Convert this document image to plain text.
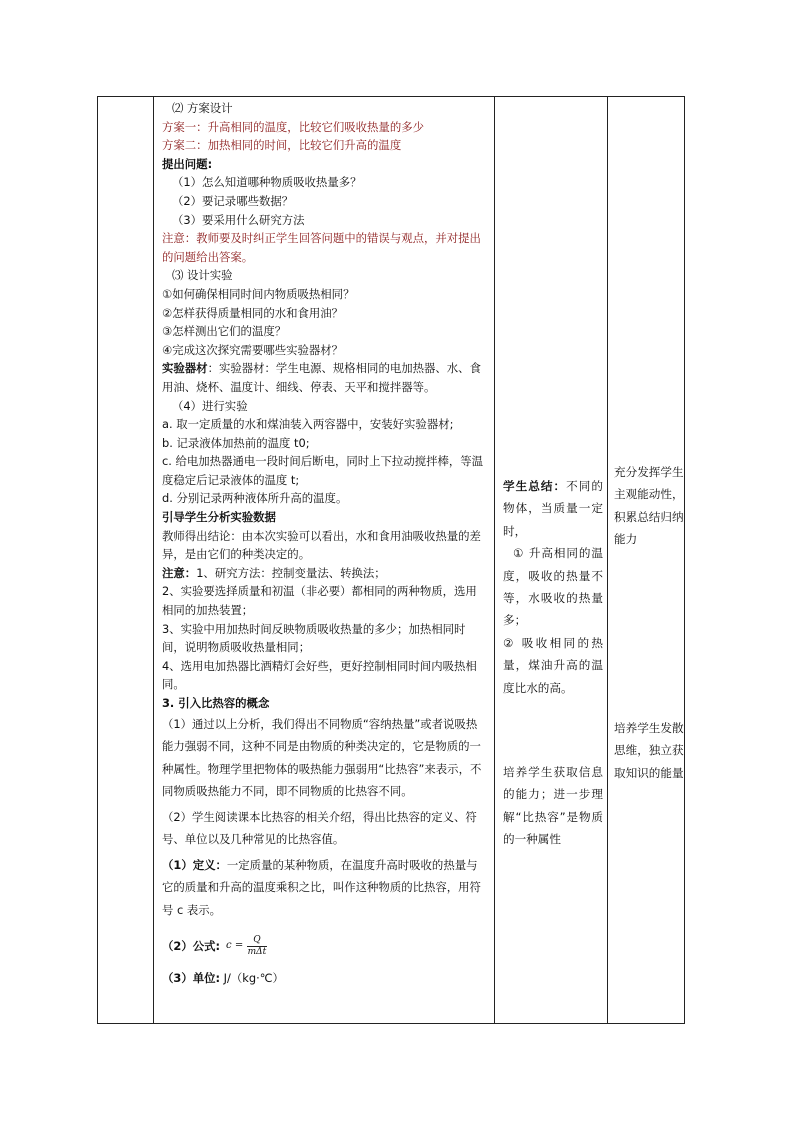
⑵ 方案设计
方案一：升高相同的温度，比较它们吸收热量的多少
方案二：加热相同的时间，比较它们升高的温度
提出问题:
（1）怎么知道哪种物质吸收热量多？
（2）要记录哪些数据？
（3）要采用什么研究方法
注意：教师要及时纠正学生回答问题中的错误与观点，并对提出的问题给出答案。
⑶ 设计实验
①如何确保相同时间内物质吸热相同？
②怎样获得质量相同的水和食用油？
③怎样测出它们的温度？
④完成这次探究需要哪些实验器材？
实验器材：实验器材：学生电源、规格相同的电加热器、水、食用油、烧杯、温度计、细线、停表、天平和搅拌器等。
（4）进行实验
a. 取一定质量的水和煤油装入两容器中，安装好实验器材;
b. 记录液体加热前的温度 t0;
c. 给电加热器通电一段时间后断电，同时上下拉动搅拌棒，等温度稳定后记录液体的温度 t;
d. 分别记录两种液体所升高的温度。
引导学生分析实验数据
教师得出结论：由本次实验可以看出，水和食用油吸收热量的差异，是由它们的种类决定的。
注意：1、研究方法：控制变量法、转换法；
2、实验要选择质量和初温（非必要）都相同的两种物质，选用相同的加热装置；
3、实验中用加热时间反映物质吸收热量的多少；加热相同时间，说明物质吸收热量相同；
4、选用电加热器比酒精灯会好些，更好控制相同时间内吸热相同。
3. 引入比热容的概念
（1）通过以上分析，我们得出不同物质“容纳热量”或者说吸热能力强弱不同，这种不同是由物质的种类决定的，它是物质的一种属性。物理学里把物体的吸热能力强弱用“比热容”来表示，不同物质吸热能力不同，即不同物质的比热容不同。
（2）学生阅读课本比热容的相关介绍，得出比热容的定义、符号、单位以及几种常见的比热容值。
（1）定义：一定质量的某种物质，在温度升高时吸收的热量与它的质量和升高的温度乘积之比，叫作这种物质的比热容，用符号 c 表示。
（2）公式: $c = \frac{Q}{\text{mΔt}}$
（3）单位: J/（kg·℃）
学生总结：不同的物体，当质量一定时，
① 升高相同的温度，吸收的热量不等，水吸收的热量多；
② 吸收相同的热量，煤油升高的温度比水的高。
培养学生获取信息的能力；进一步理解“比热容”是物质的一种属性
充分发挥学生主观能动性，积累总结归纳能力
培养学生发散思维，独立获取知识的能量
